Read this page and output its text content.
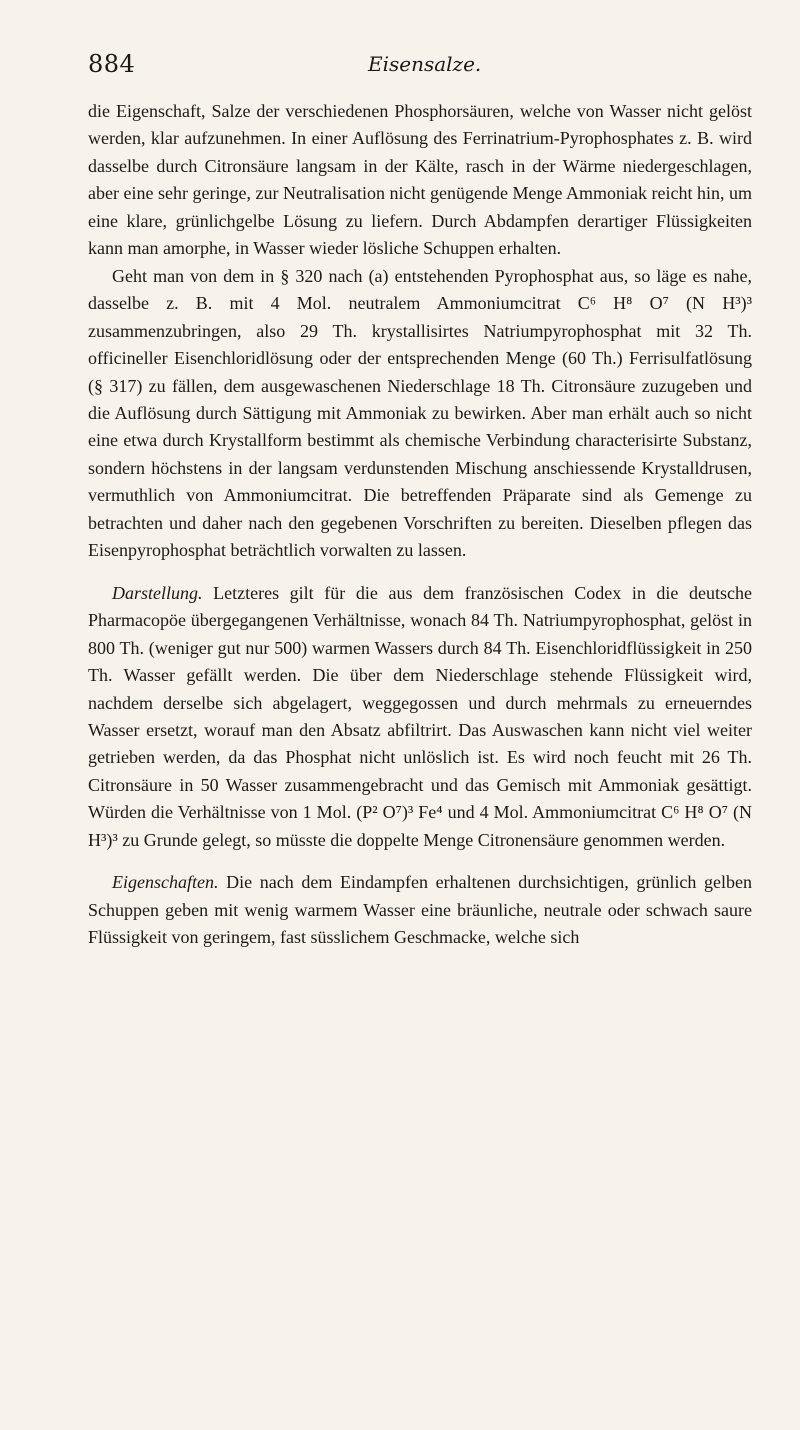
884	Eisensalze.

die Eigenschaft, Salze der verschiedenen Phosphorsäuren, welche von Wasser nicht gelöst werden, klar aufzunehmen. In einer Auflösung des Ferrinatrium-Pyrophosphates z. B. wird dasselbe durch Citronsäure langsam in der Kälte, rasch in der Wärme niedergeschlagen, aber eine sehr geringe, zur Neutralisation nicht genügende Menge Ammoniak reicht hin, um eine klare, grünlichgelbe Lösung zu liefern. Durch Abdampfen derartiger Flüssigkeiten kann man amorphe, in Wasser wieder lösliche Schuppen erhalten.

Geht man von dem in § 320 nach (a) entstehenden Pyrophosphat aus, so läge es nahe, dasselbe z. B. mit 4 Mol. neutralem Ammoniumcitrat C⁶ H⁸ O⁷ (N H³)³ zusammenzubringen, also 29 Th. krystallisirtes Natriumpyrophosphat mit 32 Th. officineller Eisenchloridlösung oder der entsprechenden Menge (60 Th.) Ferrisulfatlösung (§ 317) zu fällen, dem ausgewaschenen Niederschlage 18 Th. Citronsäure zuzugeben und die Auflösung durch Sättigung mit Ammoniak zu bewirken. Aber man erhält auch so nicht eine etwa durch Krystallform bestimmt als chemische Verbindung characterisirte Substanz, sondern höchstens in der langsam verdunstenden Mischung anschiessende Krystalldrusen, vermuthlich von Ammoniumcitrat. Die betreffenden Präparate sind als Gemenge zu betrachten und daher nach den gegebenen Vorschriften zu bereiten. Dieselben pflegen das Eisenpyrophosphat beträchtlich vorwalten zu lassen.

Darstellung. Letzteres gilt für die aus dem französischen Codex in die deutsche Pharmacopöe übergegangenen Verhältnisse, wonach 84 Th. Natriumpyrophosphat, gelöst in 800 Th. (weniger gut nur 500) warmen Wassers durch 84 Th. Eisenchloridflüssigkeit in 250 Th. Wasser gefällt werden. Die über dem Niederschlage stehende Flüssigkeit wird, nachdem derselbe sich abgelagert, weggegossen und durch mehrmals zu erneuerndes Wasser ersetzt, worauf man den Absatz abfiltrirt. Das Auswaschen kann nicht viel weiter getrieben werden, da das Phosphat nicht unlöslich ist. Es wird noch feucht mit 26 Th. Citronsäure in 50 Wasser zusammengebracht und das Gemisch mit Ammoniak gesättigt. Würden die Verhältnisse von 1 Mol. (P² O⁷)³ Fe⁴ und 4 Mol. Ammoniumcitrat C⁶ H⁸ O⁷ (N H³)³ zu Grunde gelegt, so müsste die doppelte Menge Citronensäure genommen werden.

Eigenschaften. Die nach dem Eindampfen erhaltenen durchsichtigen, grünlich gelben Schuppen geben mit wenig warmem Wasser eine bräunliche, neutrale oder schwach saure Flüssigkeit von geringem, fast süsslichem Geschmacke, welche sich
